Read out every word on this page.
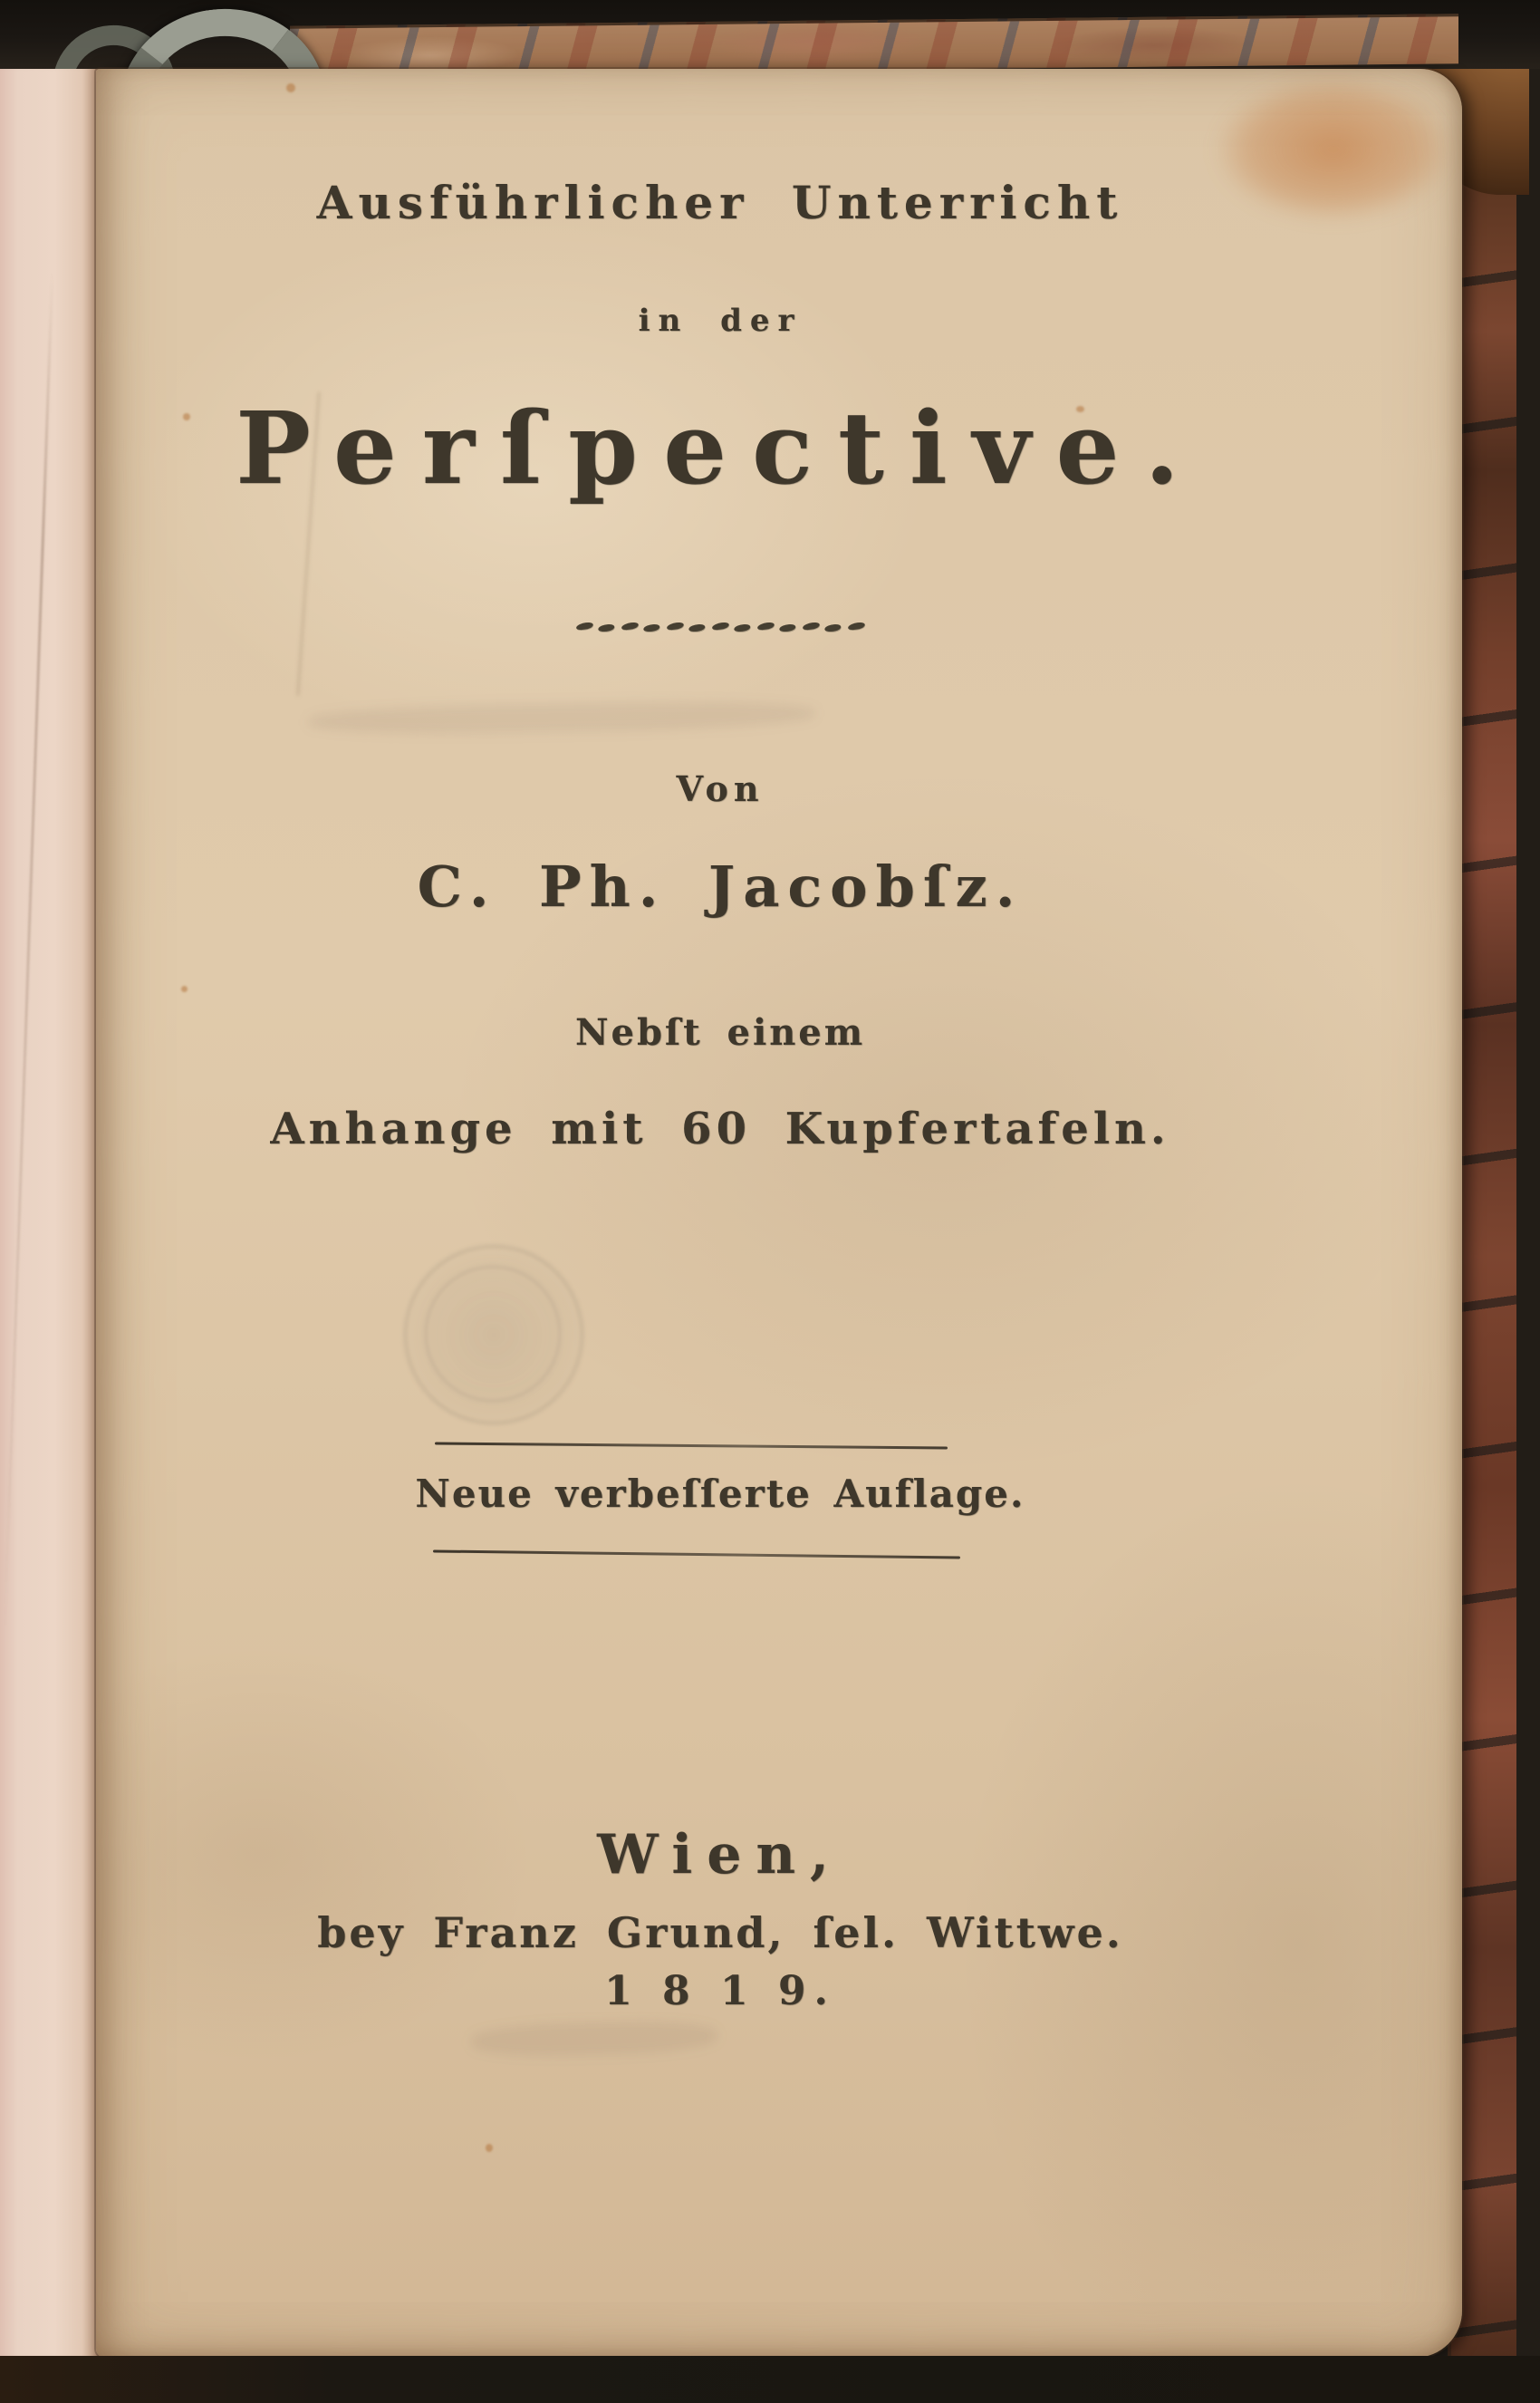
Ausführlicher Unterricht
in der
Perſpective.
Von
C. Ph. Jacobſz.
Nebſt einem
Anhange mit 60 Kupfertafeln.
Neue verbeſſerte Auflage.
Wien,
bey Franz Grund, ſel. Wittwe.
1 8 1 9.
